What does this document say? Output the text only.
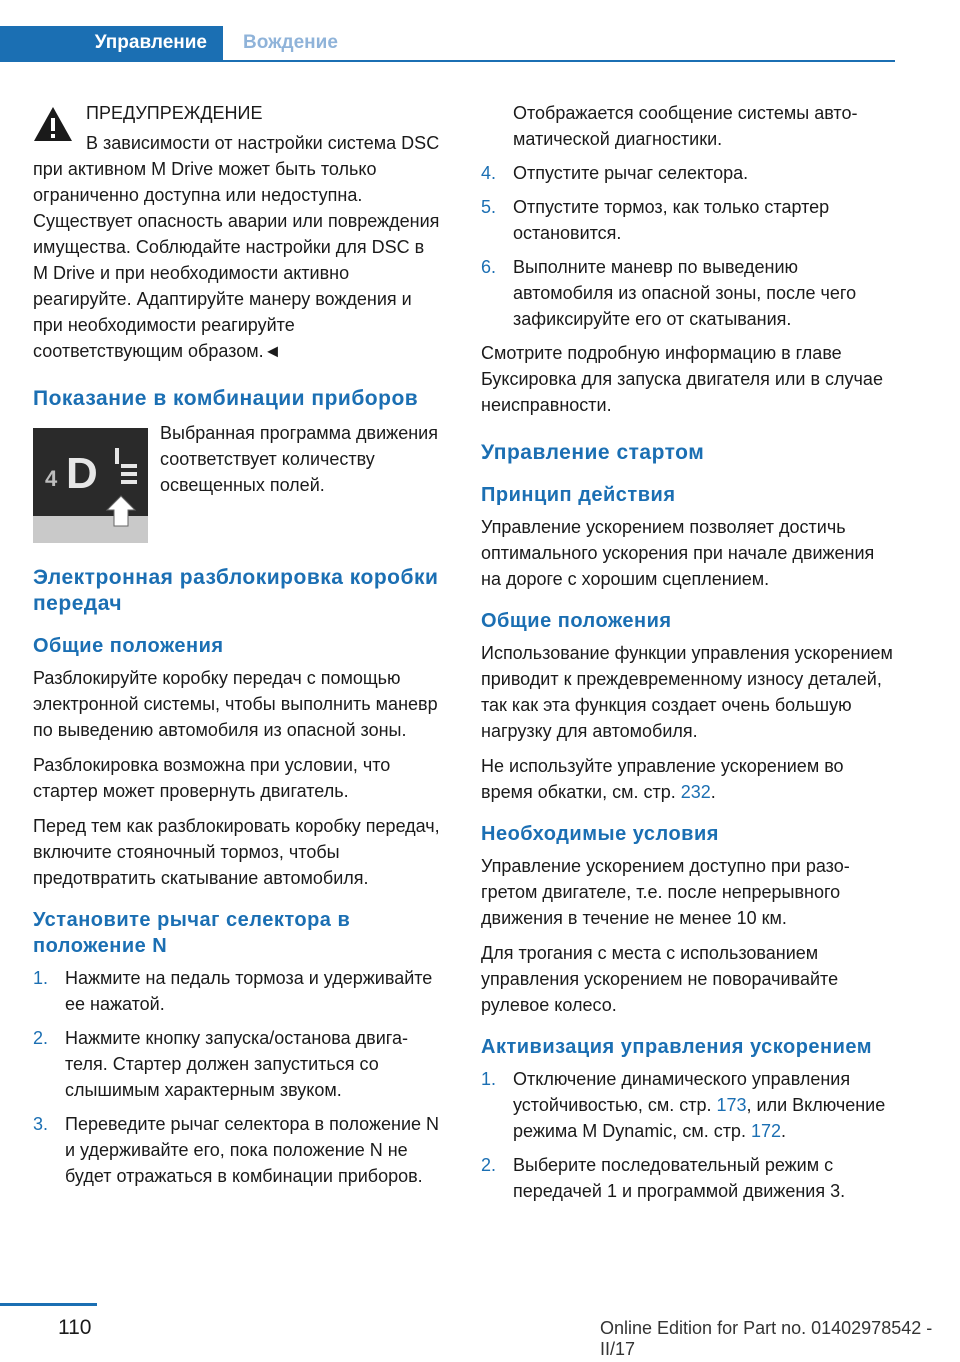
Управление	Вождение

ПРЕДУПРЕЖДЕНИЕ

В зависимости от настройки система DSC при активном M Drive может быть только ограниченно доступна или недоступна. Существует опасность аварии или повреждения имущества. Соблюдайте настройки для DSC в M Drive и при необходимости активно реагируйте. Адаптируйте манеру вождения и при необходимости реагируйте соответствующим образом.◄

Показание в комбинации приборов
4 D

Выбранная программа движения соответствует количеству освещенных полей.

Электронная разблокировка коробки передач
Общие положения

Разблокируйте коробку передач с помощью электронной системы, чтобы выполнить маневр по выведению автомобиля из опасной зоны.

Разблокировка возможна при условии, что стартер может провернуть двигатель.

Перед тем как разблокировать коробку передач, включите стояночный тормоз, чтобы предотвратить скатывание автомобиля.

Установите рычаг селектора в положение N
1. Нажмите на педаль тормоза и удерживайте ее нажатой.
2. Нажмите кнопку запуска/останова двигателя. Стартер должен запуститься со слышимым характерным звуком.
3. Переведите рычаг селектора в положение N и удерживайте его, пока положение N не будет отражаться в комбинации приборов.

Отображается сообщение системы автоматической диагностики.

4. Отпустите рычаг селектора.
5. Отпустите тормоз, как только стартер остановится.
6. Выполните маневр по выведению автомобиля из опасной зоны, после чего зафиксируйте его от скатывания.

Смотрите подробную информацию в главе Буксировка для запуска двигателя или в случае неисправности.

Управление стартом
Принцип действия

Управление ускорением позволяет достичь оптимального ускорения при начале движения на дороге с хорошим сцеплением.

Общие положения

Использование функции управления ускорением приводит к преждевременному износу деталей, так как эта функция создает очень большую нагрузку для автомобиля.

Не используйте управление ускорением во время обкатки, см. стр. 232.

Необходимые условия

Управление ускорением доступно при разогретом двигателе, т.е. после непрерывного движения в течение не менее 10 км.

Для трогания с места с использованием управления ускорением не поворачивайте рулевое колесо.

Активизация управления ускорением
1. Отключение динамического управления устойчивостью, см. стр. 173, или Включение режима M Dynamic, см. стр. 172.
2. Выберите последовательный режим с передачей 1 и программой движения 3.
110	Online Edition for Part no. 01402978542 - II/17
